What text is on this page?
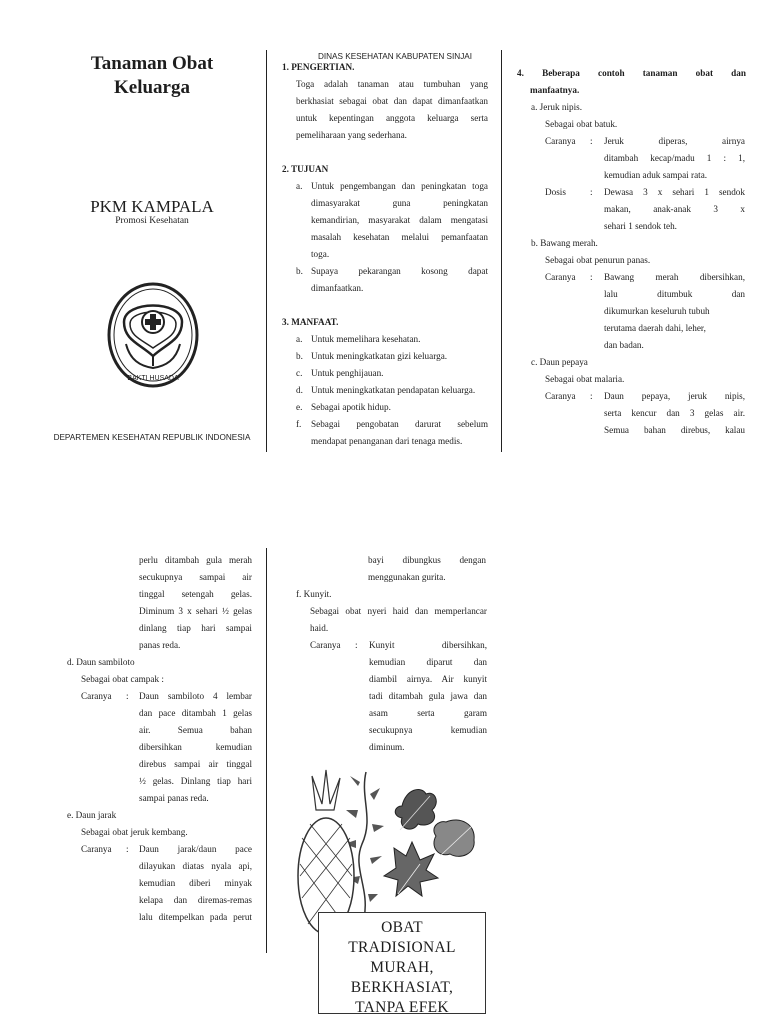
Tanaman Obat
Keluarga
PKM KAMPALA
Promosi Kesehatan
BAKTI HUSADA
DEPARTEMEN KESEHATAN REPUBLIK INDONESIA
DINAS KESEHATAN KABUPATEN SINJAI
1. PENGERTIAN.
Toga adalah tanaman atau tumbuhan yang
berkhasiat sebagai obat dan dapat dimanfaatkan
untuk kepentingan anggota keluarga serta
pemeliharaan yang sederhana.
2. TUJUAN
a. Untuk pengembangan dan peningkatan toga
dimasyarakat guna peningkatan
kemandirian, masyarakat dalam mengatasi
masalah kesehatan melalui pemanfaatan
toga.
b. Supaya pekarangan kosong dapat
dimanfaatkan.
3. MANFAAT.
a.
b.
c.
d.
e.
f.
Untuk memelihara kesehatan.
Untuk meningkatkatan gizi keluarga.
Untuk penghijauan.
Untuk meningkatkatan pendapatan keluarga.
Sebagai apotik hidup.
Sebagai pengobatan darurat sebelum
mendapat penanganan dari tenaga medis.
4. Beberapa contoh tanaman obat dan
manfaatnya.
a. Jeruk nipis.
Sebagai obat batuk.
Caranya : Jeruk diperas, airnya
ditambah kecap/madu 1 : 1,
kemudian aduk sampai rata.
Dosis	: Dewasa 3 x sehari 1 sendok
makan, anak-anak 3 x
sehari 1 sendok teh.
b. Bawang merah.
Sebagai obat penurun panas.
Caranya : Bawang merah dibersihkan,
lalu ditumbuk dan
dikumurkan keseluruh tubuh
terutama daerah dahi, leher,
dan badan.
c. Daun pepaya
Sebagai obat malaria.
Caranya : Daun pepaya, jeruk nipis,
serta kencur dan 3 gelas air.
Semua bahan direbus, kalau
perlu ditambah gula merah
secukupnya sampai air
tinggal setengah gelas.
Diminum 3 x sehari ½ gelas
dinlang tiap hari sampai
panas reda.
d. Daun sambiloto
Sebagai obat campak :
Caranya : Daun sambiloto 4 lembar
dan pace ditambah 1 gelas
air. Semua bahan
dibersihkan kemudian
direbus sampai air tinggal
½ gelas. Dinlang tiap hari
sampai panas reda.
e. Daun jarak
Sebagai obat jeruk kembang.
Caranya : Daun jarak/daun pace
dilayukan diatas nyala api,
kemudian diberi minyak
kelapa dan diremas-remas
lalu ditempelkan pada perut
bayi dibungkus dengan
menggunakan gurita.
f. Kunyit.
Sebagai obat nyeri haid dan memperlancar
haid.
Caranya : Kunyit dibersihkan,
kemudian diparut dan
diambil airnya. Air kunyit
tadi ditambah gula jawa dan
asam serta garam
secukupnya kemudian
diminum.
OBAT
TRADISIONAL
MURAH,
BERKHASIAT,
TANPA EFEK
